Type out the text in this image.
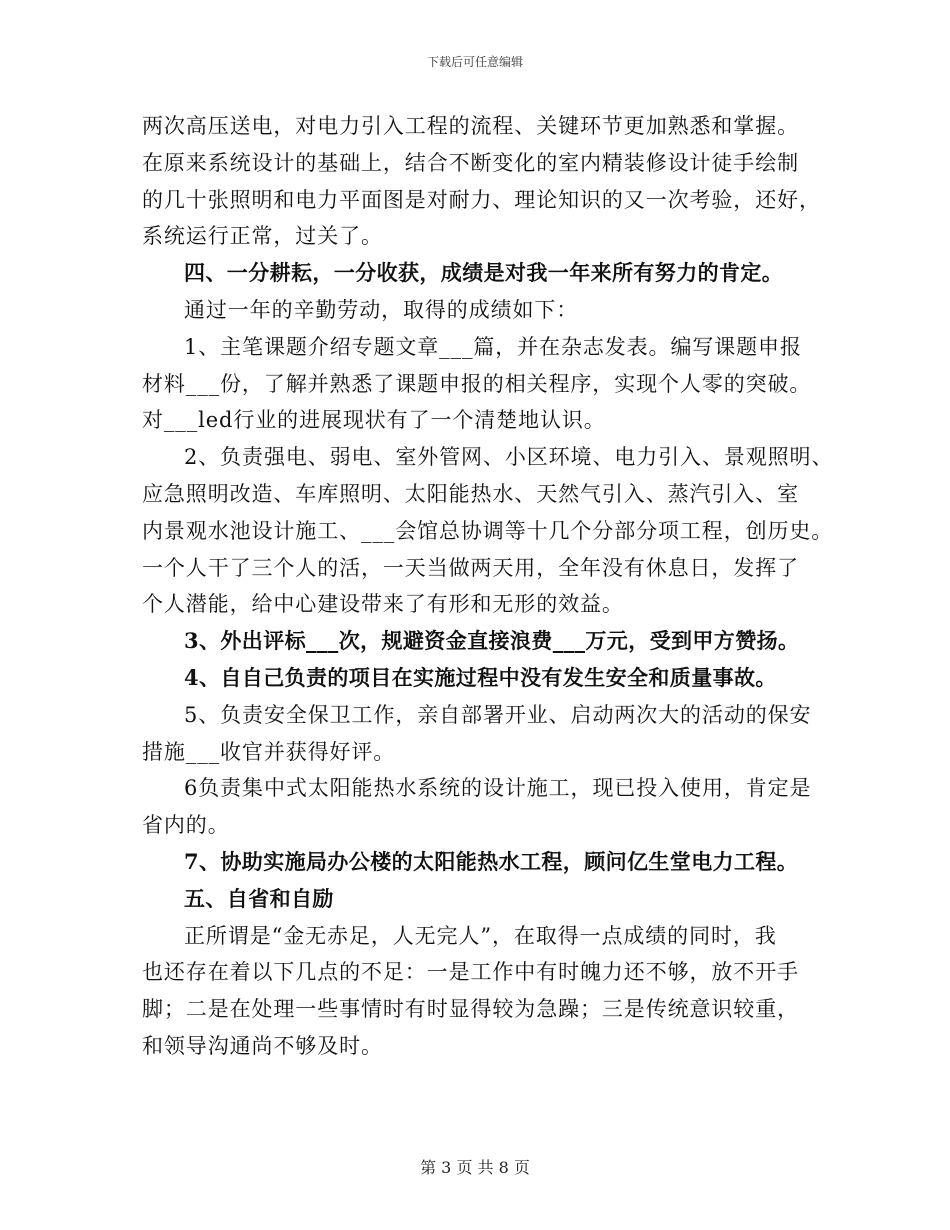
下载后可任意编辑
两次高压送电，对电力引入工程的流程、关键环节更加熟悉和掌握。
在原来系统设计的基础上，结合不断变化的室内精装修设计徒手绘制
的几十张照明和电力平面图是对耐力、理论知识的又一次考验，还好，
系统运行正常，过关了。
四、一分耕耘，一分收获，成绩是对我一年来所有努力的肯定。
通过一年的辛勤劳动，取得的成绩如下：
1、主笔课题介绍专题文章___篇，并在杂志发表。编写课题申报
材料___份，了解并熟悉了课题申报的相关程序，实现个人零的突破。
对___led行业的进展现状有了一个清楚地认识。
2、负责强电、弱电、室外管网、小区环境、电力引入、景观照明、
应急照明改造、车库照明、太阳能热水、天然气引入、蒸汽引入、室
内景观水池设计施工、___会馆总协调等十几个分部分项工程，创历史。
一个人干了三个人的活，一天当做两天用，全年没有休息日，发挥了
个人潜能，给中心建设带来了有形和无形的效益。
3、外出评标___次，规避资金直接浪费___万元，受到甲方赞扬。
4、自自己负责的项目在实施过程中没有发生安全和质量事故。
5、负责安全保卫工作，亲自部署开业、启动两次大的活动的保安
措施___收官并获得好评。
6负责集中式太阳能热水系统的设计施工，现已投入使用，肯定是
省内的。
7、协助实施局办公楼的太阳能热水工程，顾问亿生堂电力工程。
五、自省和自励
正所谓是“金无赤足，人无完人”，在取得一点成绩的同时，我
也还存在着以下几点的不足：一是工作中有时魄力还不够，放不开手
脚；二是在处理一些事情时有时显得较为急躁；三是传统意识较重，
和领导沟通尚不够及时。
第 3 页 共 8 页
